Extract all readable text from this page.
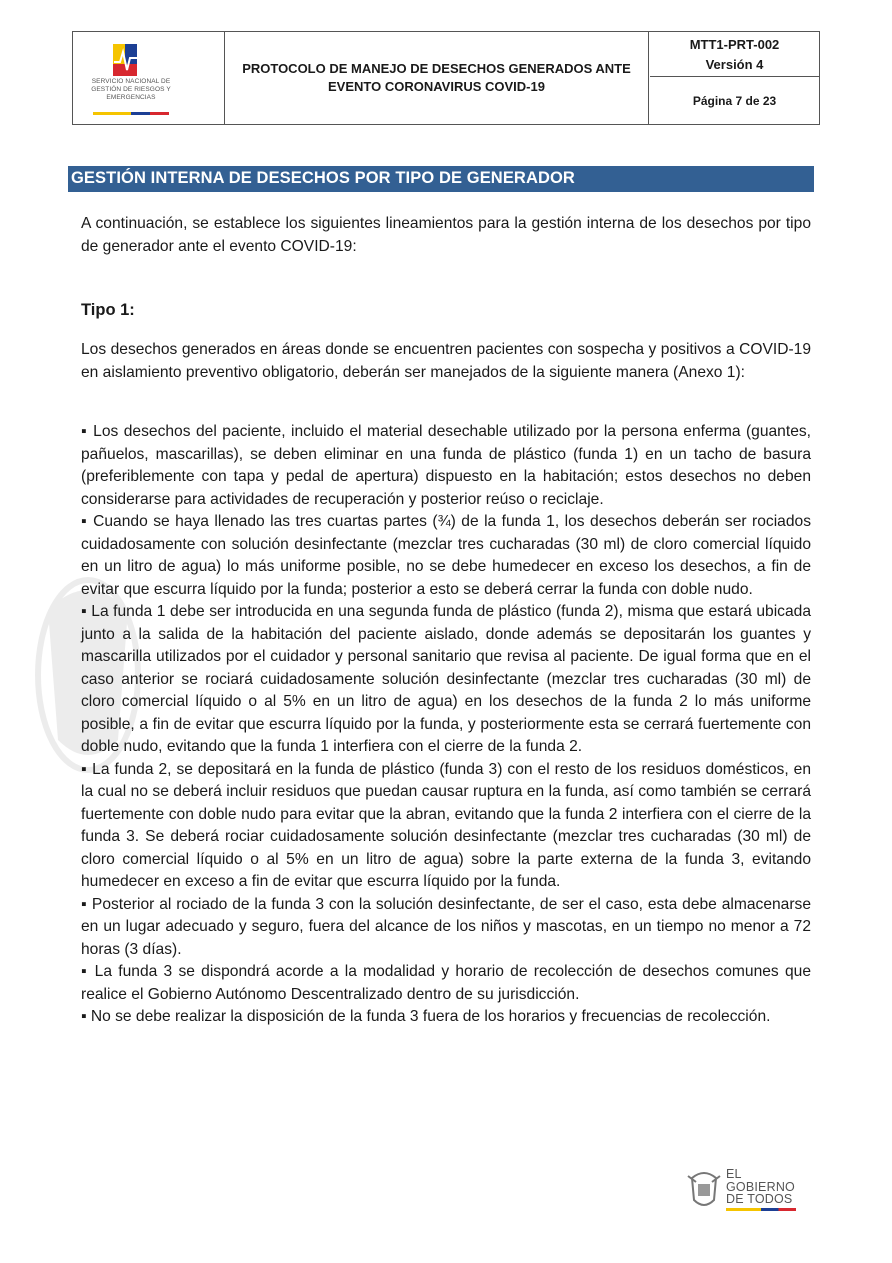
SERVICIO NACIONAL DE GESTIÓN DE RIESGOS Y EMERGENCIAS
PROTOCOLO DE MANEJO DE DESECHOS GENERADOS ANTE EVENTO CORONAVIRUS COVID-19
MTT1-PRT-002
Versión 4
Página 7 de 23
GESTIÓN INTERNA DE DESECHOS POR TIPO DE GENERADOR

A continuación, se establece los siguientes lineamientos para la gestión interna de los desechos por tipo de generador ante el evento COVID-19:

Tipo 1:

Los desechos generados en áreas donde se encuentren pacientes con sospecha y positivos a COVID-19 en aislamiento preventivo obligatorio, deberán ser manejados de la siguiente manera (Anexo 1):

▪ Los desechos del paciente, incluido el material desechable utilizado por la persona enferma (guantes, pañuelos, mascarillas), se deben eliminar en una funda de plástico (funda 1) en un tacho de basura (preferiblemente con tapa y pedal de apertura) dispuesto en la habitación; estos desechos no deben considerarse para actividades de recuperación y posterior reúso o reciclaje.

▪ Cuando se haya llenado las tres cuartas partes (¾) de la funda 1, los desechos deberán ser rociados cuidadosamente con solución desinfectante (mezclar tres cucharadas (30 ml) de cloro comercial líquido en un litro de agua) lo más uniforme posible, no se debe humedecer en exceso los desechos, a fin de evitar que escurra líquido por la funda; posterior a esto se deberá cerrar la funda con doble nudo.

▪ La funda 1 debe ser introducida en una segunda funda de plástico (funda 2), misma que estará ubicada junto a la salida de la habitación del paciente aislado, donde además se depositarán los guantes y mascarilla utilizados por el cuidador y personal sanitario que revisa al paciente. De igual forma que en el caso anterior se rociará cuidadosamente solución desinfectante (mezclar tres cucharadas (30 ml) de cloro comercial líquido o al 5% en un litro de agua) en los desechos de la funda 2 lo más uniforme posible, a fin de evitar que escurra líquido por la funda, y posteriormente esta se cerrará fuertemente con doble nudo, evitando que la funda 1 interfiera con el cierre de la funda 2.

▪ La funda 2, se depositará en la funda de plástico (funda 3) con el resto de los residuos domésticos, en la cual no se deberá incluir residuos que puedan causar ruptura en la funda, así como también se cerrará fuertemente con doble nudo para evitar que la abran, evitando que la funda 2 interfiera con el cierre de la funda 3. Se deberá rociar cuidadosamente solución desinfectante (mezclar tres cucharadas (30 ml) de cloro comercial líquido o al 5% en un litro de agua) sobre la parte externa de la funda 3, evitando humedecer en exceso a fin de evitar que escurra líquido por la funda.

▪ Posterior al rociado de la funda 3 con la solución desinfectante, de ser el caso, esta debe almacenarse en un lugar adecuado y seguro, fuera del alcance de los niños y mascotas, en un tiempo no menor a 72 horas (3 días).

▪ La funda 3 se dispondrá acorde a la modalidad y horario de recolección de desechos comunes que realice el Gobierno Autónomo Descentralizado dentro de su jurisdicción.

▪ No se debe realizar la disposición de la funda 3 fuera de los horarios y frecuencias de recolección.

EL
GOBIERNO
DE TODOS
